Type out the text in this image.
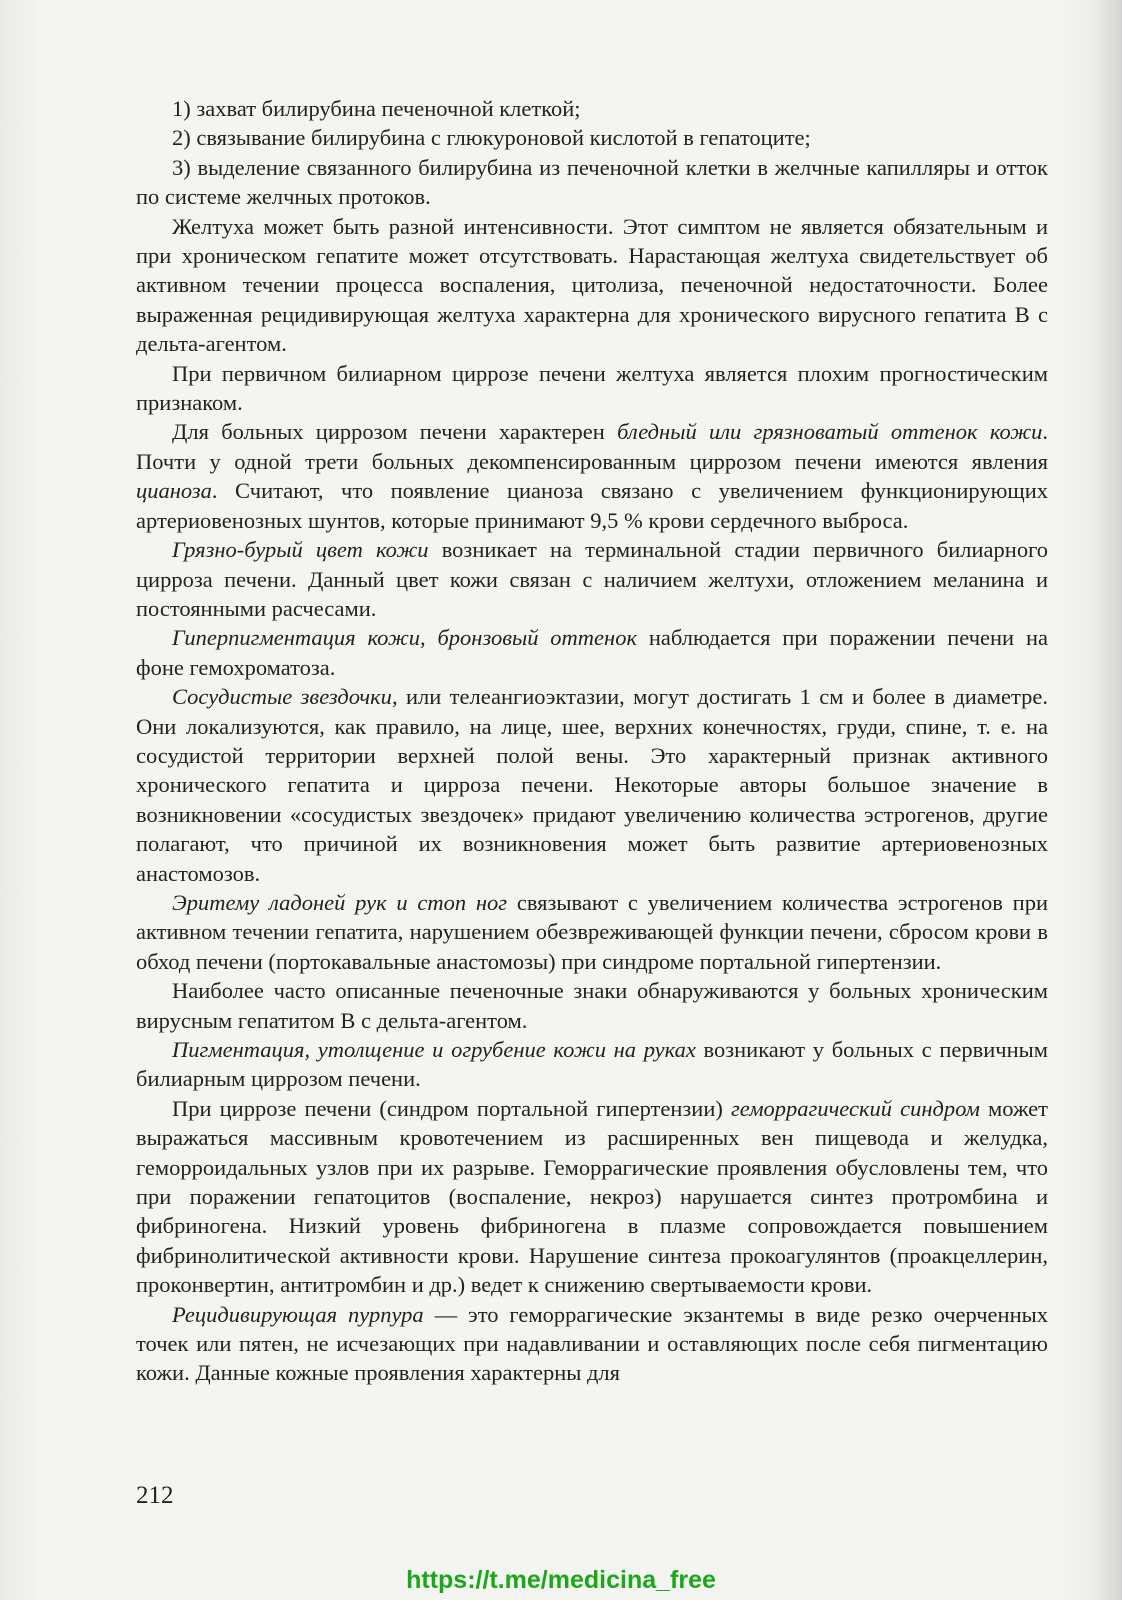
1) захват билирубина печеночной клеткой;

2) связывание билирубина с глюкуроновой кислотой в гепатоците;

3) выделение связанного билирубина из печеночной клетки в желчные капилляры и отток по системе желчных протоков.

Желтуха может быть разной интенсивности. Этот симптом не является обязательным и при хроническом гепатите может отсутствовать. Нарастающая желтуха свидетельствует об активном течении процесса воспаления, цитолиза, печеночной недостаточности. Более выраженная рецидивирующая желтуха характерна для хронического вирусного гепатита В с дельта-агентом.

При первичном билиарном циррозе печени желтуха является плохим прогностическим признаком.

Для больных циррозом печени характерен бледный или грязноватый оттенок кожи. Почти у одной трети больных декомпенсированным циррозом печени имеются явления цианоза. Считают, что появление цианоза связано с увеличением функционирующих артериовенозных шунтов, которые принимают 9,5 % крови сердечного выброса.

Грязно-бурый цвет кожи возникает на терминальной стадии первичного билиарного цирроза печени. Данный цвет кожи связан с наличием желтухи, отложением меланина и постоянными расчесами.

Гиперпигментация кожи, бронзовый оттенок наблюдается при поражении печени на фоне гемохроматоза.

Сосудистые звездочки, или телеангиоэктазии, могут достигать 1 см и более в диаметре. Они локализуются, как правило, на лице, шее, верхних конечностях, груди, спине, т. е. на сосудистой территории верхней полой вены. Это характерный признак активного хронического гепатита и цирроза печени. Некоторые авторы большое значение в возникновении «сосудистых звездочек» придают увеличению количества эстрогенов, другие полагают, что причиной их возникновения может быть развитие артериовенозных анастомозов.

Эритему ладоней рук и стоп ног связывают с увеличением количества эстрогенов при активном течении гепатита, нарушением обезвреживающей функции печени, сбросом крови в обход печени (портокавальные анастомозы) при синдроме портальной гипертензии.

Наиболее часто описанные печеночные знаки обнаруживаются у больных хроническим вирусным гепатитом В с дельта-агентом.

Пигментация, утолщение и огрубение кожи на руках возникают у больных с первичным билиарным циррозом печени.

При циррозе печени (синдром портальной гипертензии) геморрагический синдром может выражаться массивным кровотечением из расширенных вен пищевода и желудка, геморроидальных узлов при их разрыве. Геморрагические проявления обусловлены тем, что при поражении гепатоцитов (воспаление, некроз) нарушается синтез протромбина и фибриногена. Низкий уровень фибриногена в плазме сопровождается повышением фибринолитической активности крови. Нарушение синтеза прокоагулянтов (проакцеллерин, проконвертин, антитромбин и др.) ведет к снижению свертываемости крови.

Рецидивирующая пурпура — это геморрагические экзантемы в виде резко очерченных точек или пятен, не исчезающих при надавливании и оставляющих после себя пигментацию кожи. Данные кожные проявления характерны для

212
https://t.me/medicina_free
